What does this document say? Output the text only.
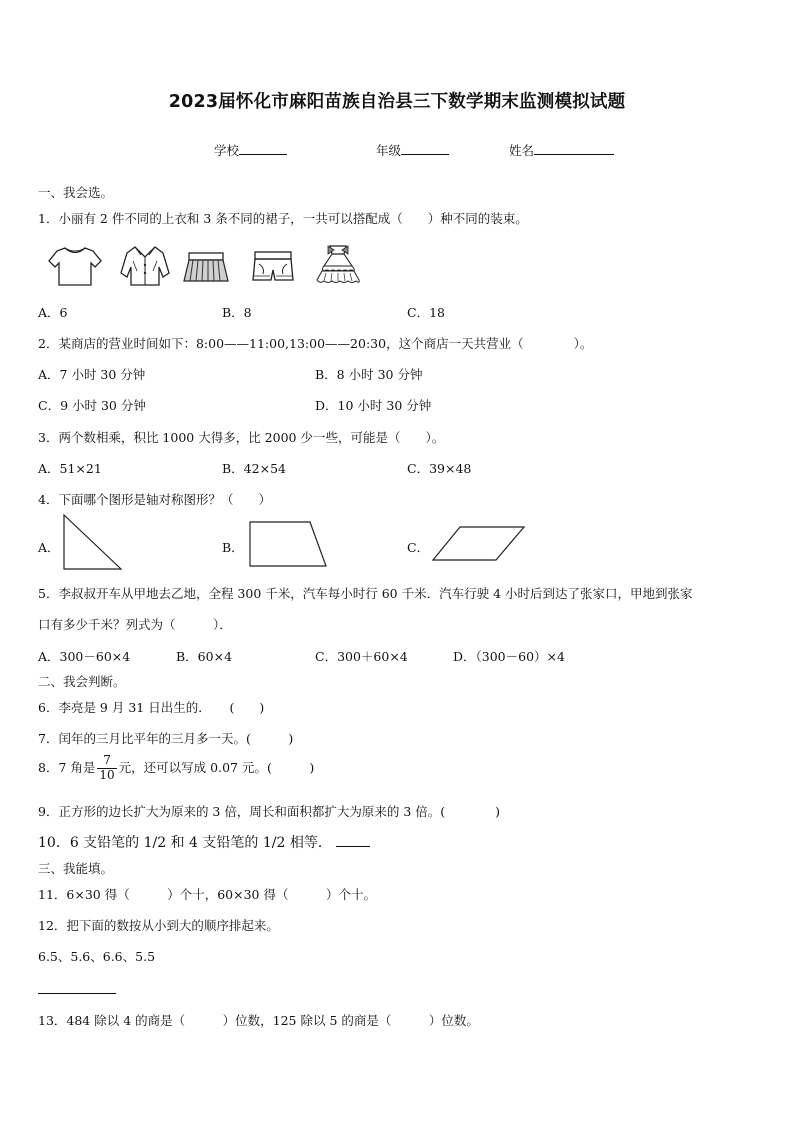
2023届怀化市麻阳苗族自治县三下数学期末监测模拟试题
学校	年级	姓名
一、我会选。
1．小丽有 2 件不同的上衣和 3 条不同的裙子，一共可以搭配成（　　）种不同的装束。
A．6	B．8	C．18
2．某商店的营业时间如下：8:00——11:00,13:00——20:30，这个商店一天共营业（　　　　）。
A．7 小时 30 分钟	B．8 小时 30 分钟
C．9 小时 30 分钟	D．10 小时 30 分钟
3．两个数相乘，积比 1000 大得多，比 2000 少一些，可能是（　　）。
A．51×21	B．42×54	C．39×48
4．下面哪个图形是轴对称图形？（　　）
A．	B．	C．
5．李叔叔开车从甲地去乙地，全程 300 千米，汽车每小时行 60 千米．汽车行驶 4 小时后到达了张家口，甲地到张家
口有多少千米？列式为（　　　）．
A．300－60×4	B．60×4	C．300＋60×4	D．（300－60）×4
二、我会判断。
6．李亮是 9 月 31 日出生的．　　(　　)
7．闰年的三月比平年的三月多一天。(　　　)
8．7 角是 $\frac{7}{10}$ 元，还可以写成 0.07 元。(　　　)
9．正方形的边长扩大为原来的 3 倍，周长和面积都扩大为原来的 3 倍。(　　　　)
10．6 支铅笔的 1/2 和 4 支铅笔的 1/2 相等．
三、我能填。
11．6×30 得（　　　）个十，60×30 得（　　　）个十。
12．把下面的数按从小到大的顺序排起来。
6.5、5.6、6.6、5.5
13．484 除以 4 的商是（　　　）位数，125 除以 5 的商是（　　　）位数。
